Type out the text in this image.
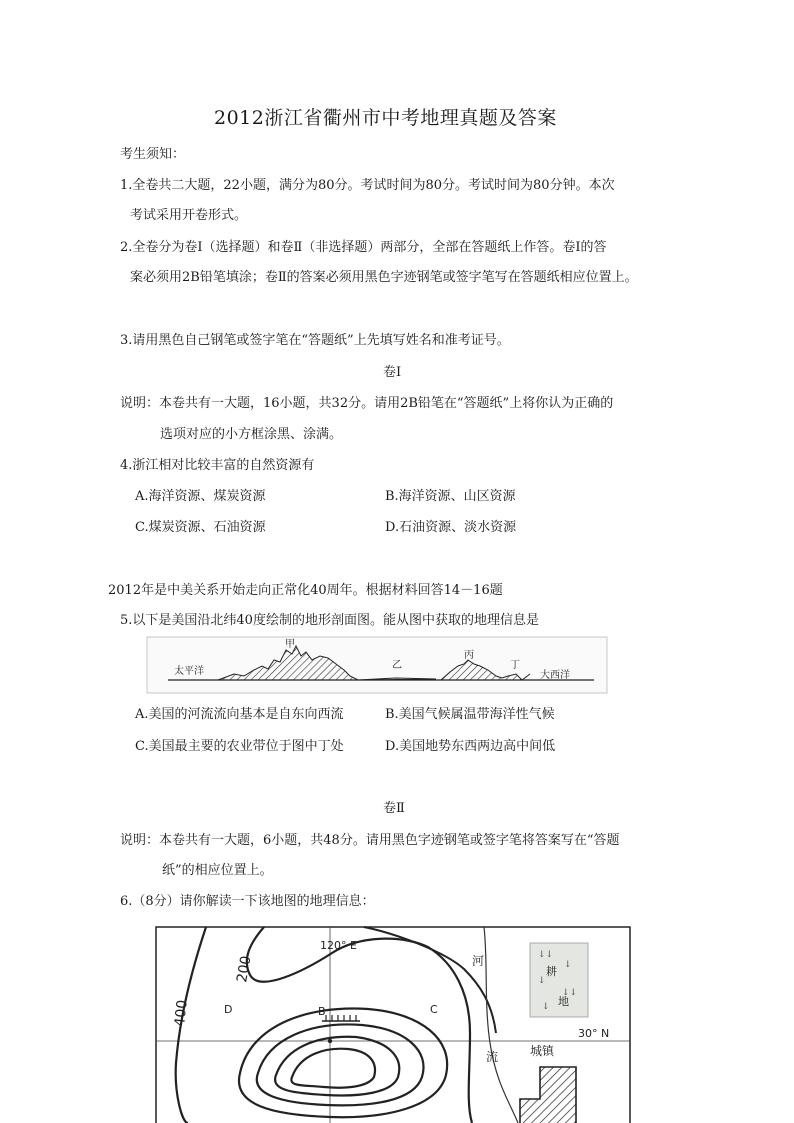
2012浙江省衢州市中考地理真题及答案
考生须知：
1.全卷共二大题，22小题，满分为80分。考试时间为80分。考试时间为80分钟。本次
考试采用开卷形式。
2.全卷分为卷Ⅰ（选择题）和卷Ⅱ（非选择题）两部分，全部在答题纸上作答。卷Ⅰ的答
案必须用2B铅笔填涂；卷Ⅱ的答案必须用黑色字迹钢笔或签字笔写在答题纸相应位置上。
3.请用黑色自己钢笔或签字笔在“答题纸”上先填写姓名和准考证号。
卷Ⅰ
说明：本卷共有一大题，16小题，共32分。请用2B铅笔在“答题纸”上将你认为正确的
选项对应的小方框涂黑、涂满。
4.浙江相对比较丰富的自然资源有
A.海洋资源、煤炭资源	B.海洋资源、山区资源
C.煤炭资源、石油资源	D.石油资源、淡水资源
2012年是中美关系开始走向正常化40周年。根据材料回答14－16题
5.以下是美国沿北纬40度绘制的地形剖面图。能从图中获取的地理信息是
太平洋
甲
乙
丙
丁
大西洋
A.美国的河流流向基本是自东向西流	B.美国气候属温带海洋性气候
C.美国最主要的农业带位于图中丁处	D.美国地势东西两边高中间低
卷Ⅱ
说明：本卷共有一大题，6小题，共48分。请用黑色字迹钢笔或签字笔将答案写在“答题
纸”的相应位置上。
6.（8分）请你解读一下该地图的地理信息：
↓↓
↓
↓
↓↓
↓
120° E
30° N
200
400	D	B	C
河
流
耕
地
城镇
